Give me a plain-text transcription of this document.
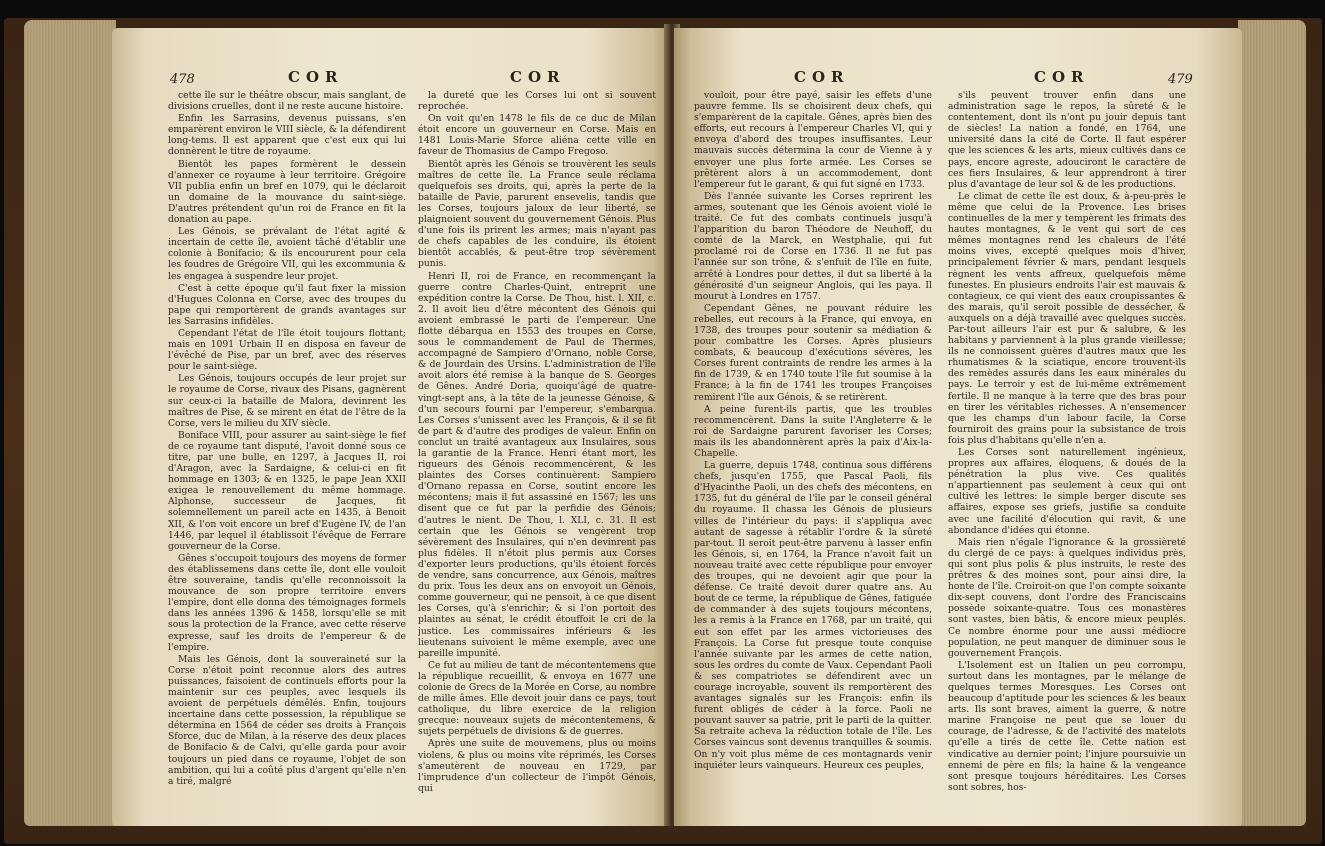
478	COR	COR

cette île sur le théâtre obscur, mais sanglant, de divisions cruelles, dont il ne reste aucune histoire.

Enfin les Sarrasins, devenus puissans, s'en emparèrent environ le VIII siècle, & la défendirent long-tems. Il est apparent que c'est eux qui lui donnèrent le titre de royaume.

Bientôt les papes formèrent le dessein d'annexer ce royaume à leur territoire. Grégoire VII publia enfin un bref en 1079, qui le déclaroit un domaine de la mouvance du saint-siège. D'autres prétendent qu'un roi de France en fit la donation au pape.

Les Génois, se prévalant de l'état agité & incertain de cette île, avoient tâché d'établir une colonie à Bonifacio; & ils encoururent pour cela les foudres de Grégoire VII, qui les excommunia & les engagea à suspendre leur projet.

C'est à cette époque qu'il faut fixer la mission d'Hugues Colonna en Corse, avec des troupes du pape qui remportèrent de grands avantages sur les Sarrasins infidèles.

Cependant l'état de l'île étoit toujours flottant; mais en 1091 Urbain II en disposa en faveur de l'évêché de Pise, par un bref, avec des réserves pour le saint-siège.

Les Génois, toujours occupés de leur projet sur le royaume de Corse, rivaux des Pisans, gagnèrent sur ceux-ci la bataille de Malora, devinrent les maîtres de Pise, & se mirent en état de l'être de la Corse, vers le milieu du XIV siècle.

Boniface VIII, pour assurer au saint-siège le fief de ce royaume tant disputé, l'avoit donné sous ce titre, par une bulle, en 1297, à Jacques II, roi d'Aragon, avec la Sardaigne, & celui-ci en fit hommage en 1303; & en 1325, le pape Jean XXII exigea le renouvellement du même hommage. Alphonse, successeur de Jacques, fit solemnellement un pareil acte en 1435, à Benoit XII, & l'on voit encore un bref d'Eugène IV, de l'an 1446, par lequel il établissoit l'évêque de Ferrare gouverneur de la Corse.

Gênes s'occupoit toujours des moyens de former des établissemens dans cette île, dont elle vouloit être souveraine, tandis qu'elle reconnoissoit la mouvance de son propre territoire envers l'empire, dont elle donna des témoignages formels dans les années 1396 & 1458, lorsqu'elle se mit sous la protection de la France, avec cette réserve expresse, sauf les droits de l'empereur & de l'empire.

Mais les Génois, dont la souveraineté sur la Corse n'étoit point reconnue alors des autres puissances, faisoient de continuels efforts pour la maintenir sur ces peuples, avec lesquels ils avoient de perpétuels démêlés. Enfin, toujours incertaine dans cette possession, la république se détermina en 1564 de céder ses droits à François Sforce, duc de Milan, à la réserve des deux places de Bonifacio & de Calvi, qu'elle garda pour avoir toujours un pied dans ce royaume, l'objet de son ambition, qui lui a coûté plus d'argent qu'elle n'en a tiré, malgré

la dureté que les Corses lui ont si souvent reprochée.

On voit qu'en 1478 le fils de ce duc de Milan étoit encore un gouverneur en Corse. Mais en 1481 Louis-Marie Sforce aliéna cette ville en faveur de Thomasius de Campo Fregoso.

Bientôt après les Génois se trouvèrent les seuls maîtres de cette île. La France seule réclama quelquefois ses droits, qui, après la perte de la bataille de Pavie, parurent ensevelis, tandis que les Corses, toujours jaloux de leur liberté, se plaignoient souvent du gouvernement Génois. Plus d'une fois ils prirent les armes; mais n'ayant pas de chefs capables de les conduire, ils étoient bientôt accablés, & peut-être trop sévèrement punis.

Henri II, roi de France, en recommençant la guerre contre Charles-Quint, entreprit une expédition contre la Corse. De Thou, hist. l. XII, c. 2. Il avoit lieu d'être mécontent des Génois qui avoient embrassé le parti de l'empereur. Une flotte débarqua en 1553 des troupes en Corse, sous le commandement de Paul de Thermes, accompagné de Sampiero d'Ornano, noble Corse, & de Jourdain des Ursins. L'administration de l'île avoit alors été remise à la banque de S. Georges de Gênes. André Doria, quoiqu'âgé de quatre-vingt-sept ans, à la tête de la jeunesse Génoise, & d'un secours fourni par l'empereur, s'embarqua. Les Corses s'unissent avec les François, & il se fit de part & d'autre des prodiges de valeur. Enfin on conclut un traité avantageux aux Insulaires, sous la garantie de la France. Henri étant mort, les rigueurs des Génois recommencèrent, & les plaintes des Corses continuèrent: Sampiero d'Ornano repassa en Corse, soutint encore les mécontens; mais il fut assassiné en 1567; les uns disent que ce fut par la perfidie des Génois; d'autres le nient. De Thou, l. XLI, c. 31. Il est certain que les Génois se vengèrent trop sévèrement des Insulaires, qui n'en devinrent pas plus fidèles. Il n'étoit plus permis aux Corses d'exporter leurs productions, qu'ils étoient forcés de vendre, sans concurrence, aux Génois, maîtres du prix. Tous les deux ans on envoyoit un Génois, comme gouverneur, qui ne pensoit, à ce que disent les Corses, qu'à s'enrichir; & si l'on portoit des plaintes au sénat, le crédit étouffoit le cri de la justice. Les commissaires inférieurs & les lieutenans suivoient le même exemple, avec une pareille impunité.

Ce fut au milieu de tant de mécontentemens que la république recueillit, & envoya en 1677 une colonie de Grecs de la Morée en Corse, au nombre de mille âmes. Elle devoit jouir dans ce pays, tout catholique, du libre exercice de la religion grecque: nouveaux sujets de mécontentemens, & sujets perpétuels de divisions & de guerres.

Après une suite de mouvemens, plus ou moins violens, & plus ou moins vîte réprimés, les Corses s'ameutèrent de nouveau en 1729, par l'imprudence d'un collecteur de l'impôt Génois, qui

COR	COR	479

vouloit, pour être payé, saisir les effets d'une pauvre femme. Ils se choisirent deux chefs, qui s'emparèrent de la capitale. Gênes, après bien des efforts, eut recours à l'empereur Charles VI, qui y envoya d'abord des troupes insuffisantes. Leur mauvais succès détermina la cour de Vienne à y envoyer une plus forte armée. Les Corses se prêtèrent alors à un accommodement, dont l'empereur fut le garant, & qui fut signé en 1733.

Dès l'année suivante les Corses reprirent les armes, soutenant que les Génois avoient violé le traité. Ce fut des combats continuels jusqu'à l'apparition du baron Théodore de Neuhoff, du comté de la Marck, en Westphalie, qui fut proclamé roi de Corse en 1736. Il ne fut pas l'année sur son trône, & s'enfuit de l'île en fuite, arrêté à Londres pour dettes, il dut sa liberté à la générosité d'un seigneur Anglois, qui les paya. Il mourut à Londres en 1757.

Cependant Gênes, ne pouvant réduire les rebelles, eut recours à la France, qui envoya, en 1738, des troupes pour soutenir sa médiation & pour combattre les Corses. Après plusieurs combats, & beaucoup d'exécutions sévères, les Corses furent contraints de rendre les armes à la fin de 1739, & en 1740 toute l'île fut soumise à la France; à la fin de 1741 les troupes Françoises remirent l'île aux Génois, & se retirèrent.

A peine furent-ils partis, que les troubles recommencèrent. Dans la suite l'Angleterre & le roi de Sardaigne parurent favoriser les Corses; mais ils les abandonnèrent après la paix d'Aix-la-Chapelle.

La guerre, depuis 1748, continua sous différens chefs, jusqu'en 1755, que Pascal Paoli, fils d'Hyacinthe Paoli, un des chefs des mécontens, en 1735, fut du général de l'île par le conseil général du royaume. Il chassa les Génois de plusieurs villes de l'intérieur du pays: il s'appliqua avec autant de sagesse à rétablir l'ordre & la sûreté par-tout. Il seroit peut-être parvenu à lasser enfin les Génois, si, en 1764, la France n'avoit fait un nouveau traité avec cette république pour envoyer des troupes, qui ne devoient agir que pour la défense. Ce traité devoit durer quatre ans. Au bout de ce terme, la république de Gênes, fatiguée de commander à des sujets toujours mécontens, les a remis à la France en 1768, par un traité, qui eut son effet par les armes victorieuses des François. La Corse fut presque toute conquise l'année suivante par les armes de cette nation, sous les ordres du comte de Vaux. Cependant Paoli & ses compatriotes se défendirent avec un courage incroyable, souvent ils remportèrent des avantages signalés sur les François: enfin ils furent obligés de céder à la force. Paoli ne pouvant sauver sa patrie, prit le parti de la quitter. Sa retraite acheva la réduction totale de l'île. Les Corses vaincus sont devenus tranquilles & soumis. On n'y voit plus même de ces montagnards venir inquiéter leurs vainqueurs. Heureux ces peuples,

s'ils peuvent trouver enfin dans une administration sage le repos, la sûreté & le contentement, dont ils n'ont pu jouir depuis tant de siècles! La nation a fondé, en 1764, une université dans la cité de Corte. Il faut espérer que les sciences & les arts, mieux cultivés dans ce pays, encore agreste, adouciront le caractère de ces fiers Insulaires, & leur apprendront à tirer plus d'avantage de leur sol & de les productions.

Le climat de cette île est doux, & à-peu-près le même que celui de la Provence. Les brises continuelles de la mer y tempèrent les frimats des hautes montagnes, & le vent qui sort de ces mêmes montagnes rend les chaleurs de l'été moins vives, excepté quelques mois d'hiver, principalement février & mars, pendant lesquels règnent les vents affreux, quelquefois même funestes. En plusieurs endroits l'air est mauvais & contagieux, ce qui vient des eaux croupissantes & des marais, qu'il seroit possible de dessécher, & auxquels on a déjà travaillé avec quelques succès. Par-tout ailleurs l'air est pur & salubre, & les habitans y parviennent à la plus grande vieillesse; ils ne connoissent guères d'autres maux que les rhumatismes & la sciatique, encore trouvent-ils des remèdes assurés dans les eaux minérales du pays. Le terroir y est de lui-même extrêmement fertile. Il ne manque à la terre que des bras pour en tirer les véritables richesses. A n'ensemencer que les champs d'un labour facile, la Corse fourniroit des grains pour la subsistance de trois fois plus d'habitans qu'elle n'en a.

Les Corses sont naturellement ingénieux, propres aux affaires, éloquens, & doués de la pénétration la plus vive. Ces qualités n'appartiennent pas seulement à ceux qui ont cultivé les lettres: le simple berger discute ses affaires, expose ses griefs, justifie sa conduite avec une facilité d'élocution qui ravit, & une abondance d'idées qui étonne.

Mais rien n'égale l'ignorance & la grossièreté du clergé de ce pays: à quelques individus près, qui sont plus polis & plus instruits, le reste des prêtres & des moines sont, pour ainsi dire, la honte de l'île. Croiroit-on que l'on compte soixante dix-sept couvens, dont l'ordre des Franciscains possède soixante-quatre. Tous ces monastères sont vastes, bien bâtis, & encore mieux peuplés. Ce nombre énorme pour une aussi médiocre population, ne peut manquer de diminuer sous le gouvernement François.

L'Isolement est un Italien un peu corrompu, surtout dans les montagnes, par le mélange de quelques termes Moresques. Les Corses ont beaucoup d'aptitude pour les sciences & les beaux arts. Ils sont braves, aiment la guerre, & notre marine Françoise ne peut que se louer du courage, de l'adresse, & de l'activité des matelots qu'elle a tirés de cette île. Cette nation est vindicative au dernier point; l'injure poursuivie un ennemi de père en fils; la haine & la vengeance sont presque toujours héréditaires. Les Corses sont sobres, hos-
